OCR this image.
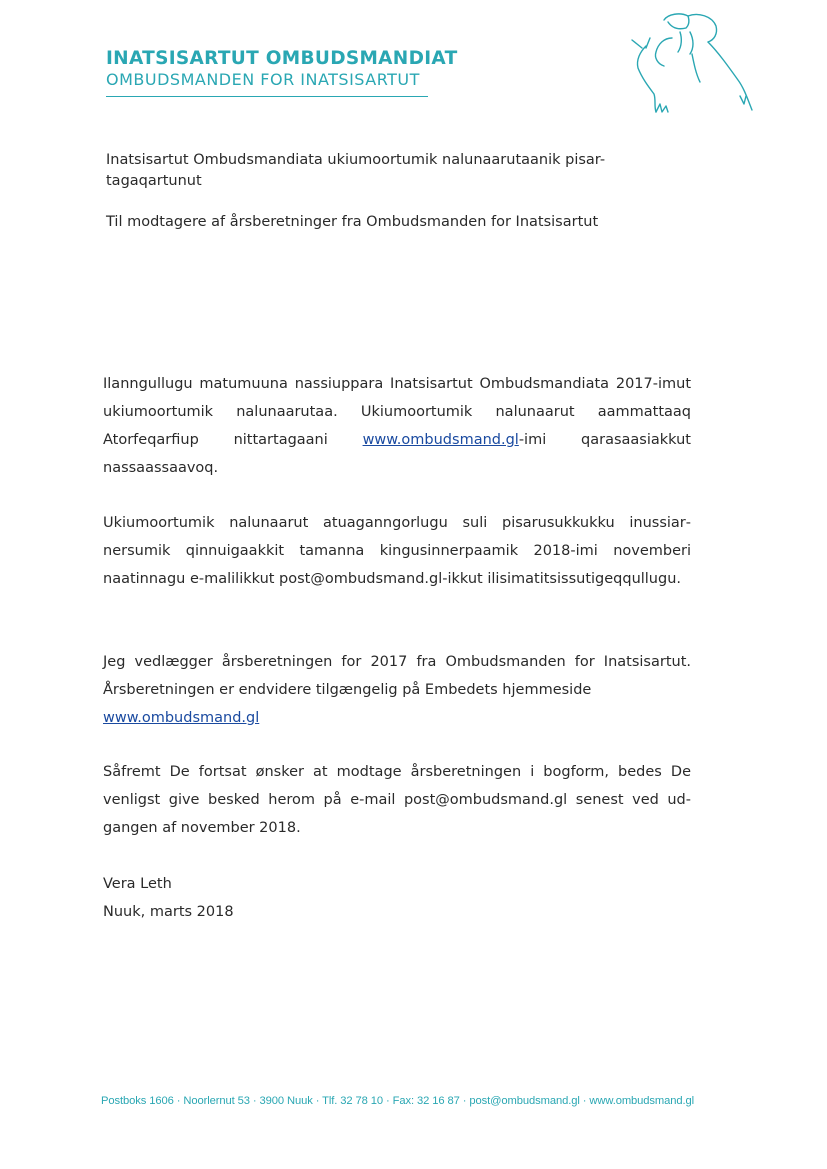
INATSISARTUT OMBUDSMANDIAT
OMBUDSMANDEN FOR INATSISARTUT
Inatsisartut Ombudsmandiata ukiumoortumik nalunaarutaanik pisar-
tagaqartunut
Til modtagere af årsberetninger fra Ombudsmanden for Inatsisartut
Ilanngullugu matumuuna nassiuppara Inatsisartut Ombudsmandiata 2017-imut ukiumoortumik nalunaarutaa. Ukiumoortumik nalunaarut aammattaaq Atorfeqarfiup nittartagaani www.ombudsmand.gl-imi qarasaasiakkut nassaassaavoq.
Ukiumoortumik nalunaarut atuaganngorlugu suli pisarusukkukku inussiarnersumik qinnuigaakkit tamanna kingusinnerpaamik 2018-imi novemberi naatinnagu e-malilikkut post@ombudsmand.gl-ikkut ilisimatitsissutigeqqullugu.
Jeg vedlægger årsberetningen for 2017 fra Ombudsmanden for Inatsisartut. Årsberetningen er endvidere tilgængelig på Embedets hjemmeside
www.ombudsmand.gl
Såfremt De fortsat ønsker at modtage årsberetningen i bogform, bedes De venligst give besked herom på e-mail post@ombudsmand.gl senest ved udgangen af november 2018.
Vera Leth
Nuuk, marts 2018
Postboks 1606 · Noorlernut 53 · 3900 Nuuk · Tlf. 32 78 10 · Fax: 32 16 87 · post@ombudsmand.gl · www.ombudsmand.gl
